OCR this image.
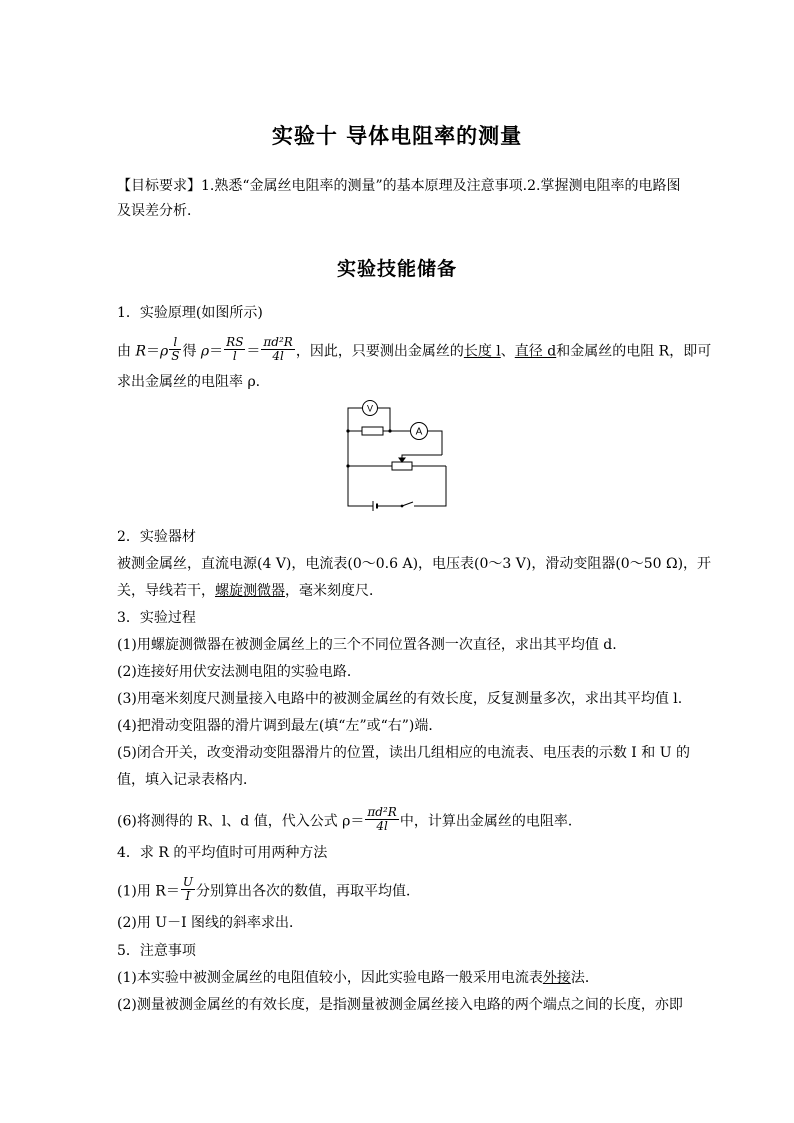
实验十 导体电阻率的测量
【目标要求】1.熟悉“金属丝电阻率的测量”的基本原理及注意事项.2.掌握测电阻率的电路图
及误差分析．
实验技能储备
1．实验原理(如图所示)
由 $R=\rho \frac{l}{S}$ 得 $\rho= \frac{RS}{l} = \frac{\text{πd²R}}{4l}$ ，因此，只要测出金属丝的长度 l、直径 d和金属丝的电阻 R，即可
求出金属丝的电阻率 ρ.
V
A
2．实验器材
被测金属丝，直流电源(4 V)，电流表(0～0.6 A)，电压表(0～3 V)，滑动变阻器(0～50 Ω)，开
关，导线若干，螺旋测微器，毫米刻度尺．
3．实验过程
(1)用螺旋测微器在被测金属丝上的三个不同位置各测一次直径，求出其平均值 d.
(2)连接好用伏安法测电阻的实验电路．
(3)用毫米刻度尺测量接入电路中的被测金属丝的有效长度，反复测量多次，求出其平均值 l.
(4)把滑动变阻器的滑片调到最左(填“左”或“右”)端．
(5)闭合开关，改变滑动变阻器滑片的位置，读出几组相应的电流表、电压表的示数 I 和 U 的
值，填入记录表格内．
(6)将测得的 R、l、d 值，代入公式 $\rho= \frac{\text{πd²R}}{4l}$ 中，计算出金属丝的电阻率．
4．求 R 的平均值时可用两种方法
(1)用 $R= \frac{U}{I}$ 分别算出各次的数值，再取平均值．
(2)用 U－I 图线的斜率求出．
5．注意事项
(1)本实验中被测金属丝的电阻值较小，因此实验电路一般采用电流表外接法．
(2)测量被测金属丝的有效长度，是指测量被测金属丝接入电路的两个端点之间的长度，亦即
